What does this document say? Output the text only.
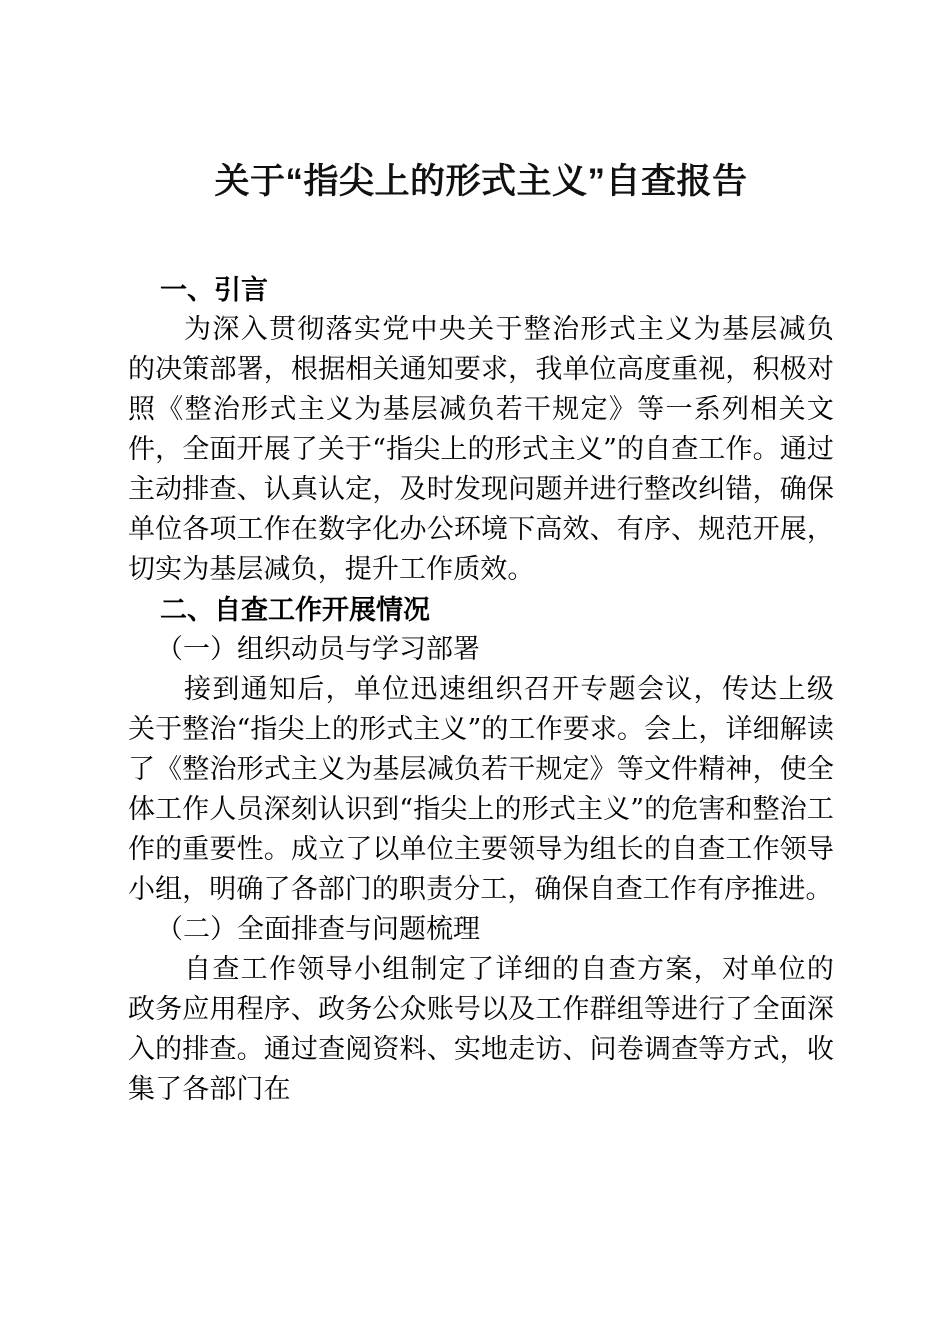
关于“指尖上的形式主义”自查报告
一、引言

为深入贯彻落实党中央关于整治形式主义为基层减负的决策部署，根据相关通知要求，我单位高度重视，积极对照《整治形式主义为基层减负若干规定》等一系列相关文件，全面开展了关于“指尖上的形式主义”的自查工作。通过主动排查、认真认定，及时发现问题并进行整改纠错，确保单位各项工作在数字化办公环境下高效、有序、规范开展，切实为基层减负，提升工作质效。

二、自查工作开展情况
（一）组织动员与学习部署

接到通知后，单位迅速组织召开专题会议，传达上级关于整治“指尖上的形式主义”的工作要求。会上，详细解读了《整治形式主义为基层减负若干规定》等文件精神，使全体工作人员深刻认识到“指尖上的形式主义”的危害和整治工作的重要性。成立了以单位主要领导为组长的自查工作领导小组，明确了各部门的职责分工，确保自查工作有序推进。

（二）全面排查与问题梳理

自查工作领导小组制定了详细的自查方案，对单位的政务应用程序、政务公众账号以及工作群组等进行了全面深入的排查。通过查阅资料、实地走访、问卷调查等方式，收集了各部门在
